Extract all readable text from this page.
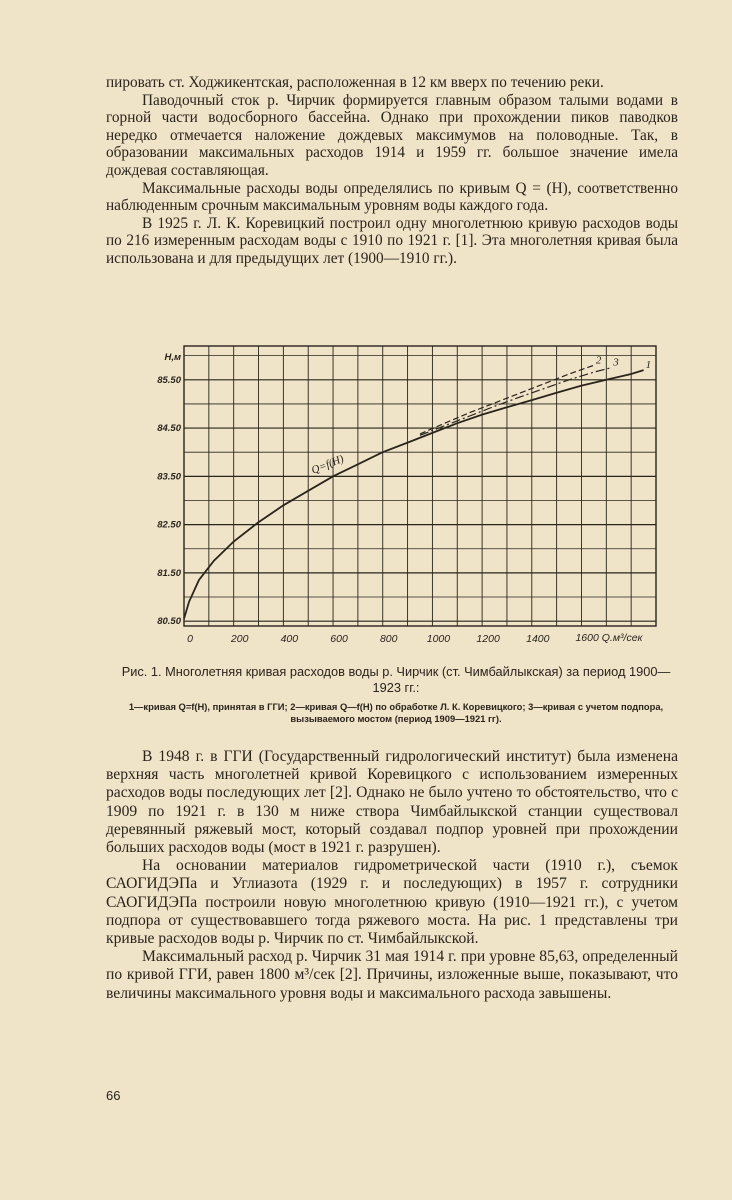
пировать ст. Ходжикентская, расположенная в 12 км вверх по течению реки.

Паводочный сток р. Чирчик формируется главным образом талыми водами в горной части водосборного бассейна. Однако при прохождении пиков паводков нередко отмечается наложение дождевых максимумов на половодные. Так, в образовании максимальных расходов 1914 и 1959 гг. большое значение имела дождевая составляющая.

Максимальные расходы воды определялись по кривым Q = (H), соответственно наблюденным срочным максимальным уровням воды каждого года.

В 1925 г. Л. К. Коревицкий построил одну многолетнюю кривую расходов воды по 216 измеренным расходам воды с 1910 по 1921 г. [1]. Эта многолетняя кривая была использована и для предыдущих лет (1900—1910 гг.).

80.50
81.50
82.50
83.50
84.50
85.50
H,м
0	200	400	600	800	1000	1200	1400 1600 Q.м³/сек
1
2 3
Q=f(H)
Рис. 1. Многолетняя кривая расходов воды р. Чирчик (ст. Чимбайлыкская) за период 1900—1923 гг.:
1—кривая Q=f(H), принятая в ГГИ; 2—кривая Q—f(H) по обработке Л. К. Коревицкого; 3—кривая с учетом подпора, вызываемого мостом (период 1909—1921 гг).

В 1948 г. в ГГИ (Государственный гидрологический институт) была изменена верхняя часть многолетней кривой Коревицкого с использованием измеренных расходов воды последующих лет [2]. Однако не было учтено то обстоятельство, что с 1909 по 1921 г. в 130 м ниже створа Чимбайлыкской станции существовал деревянный ряжевый мост, который создавал подпор уровней при прохождении больших расходов воды (мост в 1921 г. разрушен).

На основании материалов гидрометрической части (1910 г.), съемок САОГИДЭПа и Углиазота (1929 г. и последующих) в 1957 г. сотрудники САОГИДЭПа построили новую многолетнюю кривую (1910—1921 гг.), с учетом подпора от существовавшего тогда ряжевого моста. На рис. 1 представлены три кривые расходов воды р. Чирчик по ст. Чимбайлыкской.

Максимальный расход р. Чирчик 31 мая 1914 г. при уровне 85,63, определенный по кривой ГГИ, равен 1800 м³/сек [2]. Причины, изложенные выше, показывают, что величины максимального уровня воды и максимального расхода завышены.

66
